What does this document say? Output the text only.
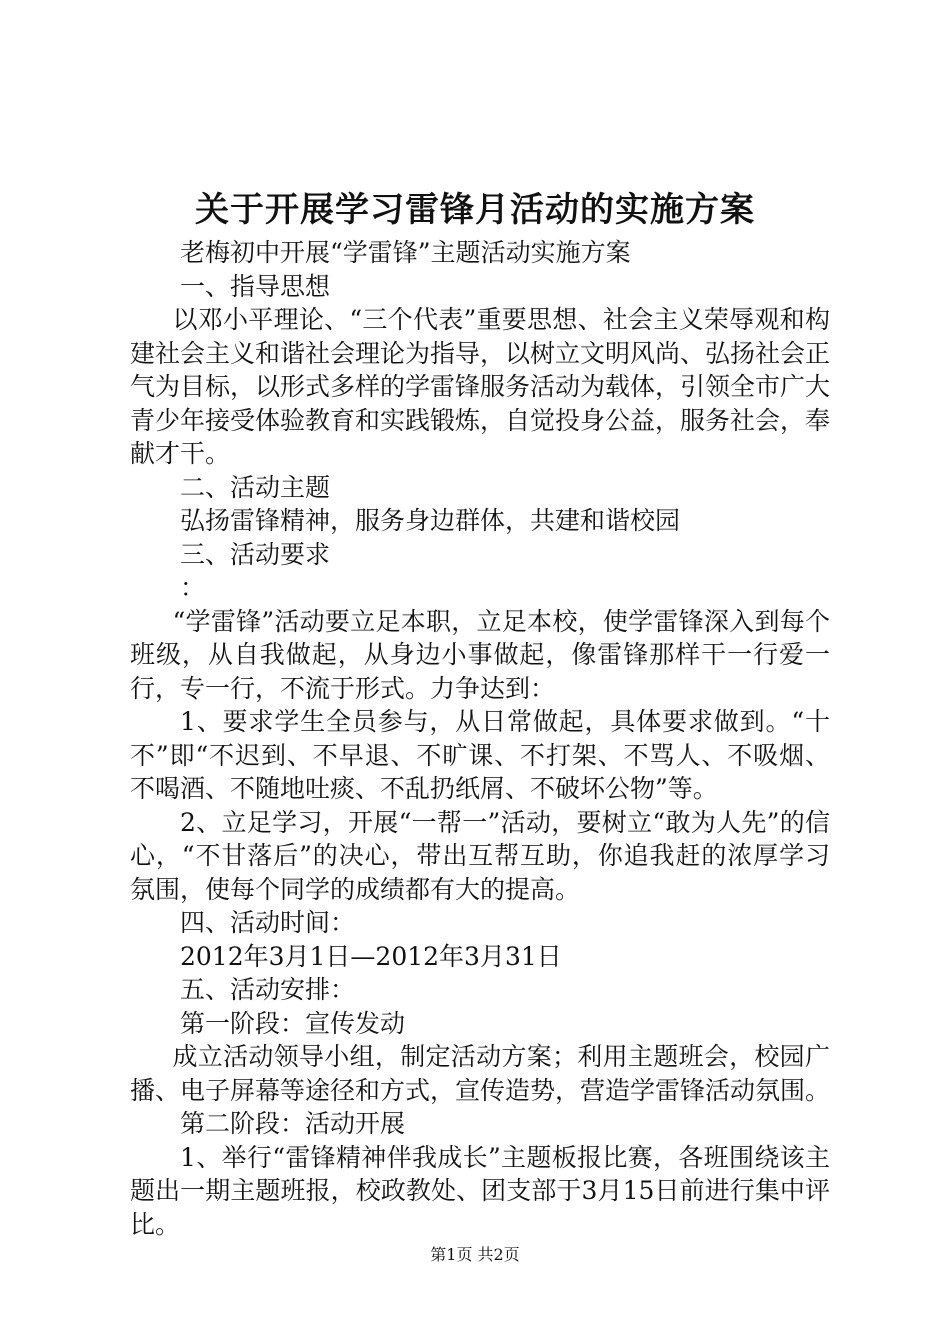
关于开展学习雷锋月活动的实施方案

老梅初中开展“学雷锋”主题活动实施方案

一、指导思想

以邓小平理论、“三个代表”重要思想、社会主义荣辱观和构建社会主义和谐社会理论为指导，以树立文明风尚、弘扬社会正气为目标，以形式多样的学雷锋服务活动为载体，引领全市广大青少年接受体验教育和实践锻炼，自觉投身公益，服务社会，奉献才干。

二、活动主题

弘扬雷锋精神，服务身边群体，共建和谐校园

三、活动要求

：

“学雷锋”活动要立足本职，立足本校，使学雷锋深入到每个班级，从自我做起，从身边小事做起，像雷锋那样干一行爱一行，专一行，不流于形式。力争达到：

1、要求学生全员参与，从日常做起，具体要求做到。“十不”即“不迟到、不早退、不旷课、不打架、不骂人、不吸烟、不喝酒、不随地吐痰、不乱扔纸屑、不破坏公物”等。

2、立足学习，开展“一帮一”活动，要树立“敢为人先”的信心，“不甘落后”的决心，带出互帮互助，你追我赶的浓厚学习氛围，使每个同学的成绩都有大的提高。

四、活动时间：

2012年3月1日—2012年3月31日

五、活动安排：

第一阶段：宣传发动

成立活动领导小组，制定活动方案；利用主题班会，校园广播、电子屏幕等途径和方式，宣传造势，营造学雷锋活动氛围。

第二阶段：活动开展

1、举行“雷锋精神伴我成长”主题板报比赛，各班围绕该主题出一期主题班报，校政教处、团支部于3月15日前进行集中评比。

第1页 共2页
